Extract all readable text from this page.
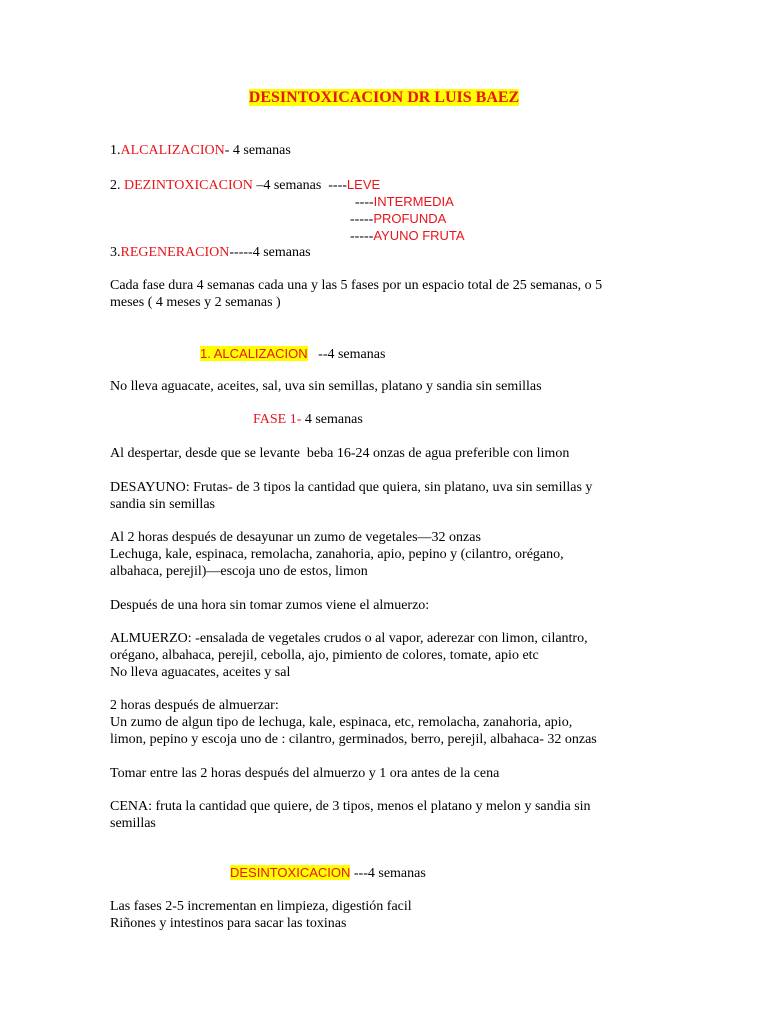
DESINTOXICACION DR LUIS BAEZ
1.ALCALIZACION- 4 semanas
2. DEZINTOXICACION –4 semanas  ----LEVE
----INTERMEDIA
-----PROFUNDA
-----AYUNO FRUTA
3.REGENERACION-----4 semanas
Cada fase dura 4 semanas cada una y las 5 fases por un espacio total de 25 semanas, o 5
meses ( 4 meses y 2 semanas )
1. ALCALIZACION --4 semanas
No lleva aguacate, aceites, sal, uva sin semillas, platano y sandia sin semillas
FASE 1- 4 semanas
Al despertar, desde que se levante  beba 16-24 onzas de agua preferible con limon
DESAYUNO: Frutas- de 3 tipos la cantidad que quiera, sin platano, uva sin semillas y
sandia sin semillas
Al 2 horas después de desayunar un zumo de vegetales—32 onzas
Lechuga, kale, espinaca, remolacha, zanahoria, apio, pepino y (cilantro, orégano,
albahaca, perejil)—escoja uno de estos, limon
Después de una hora sin tomar zumos viene el almuerzo:
ALMUERZO: -ensalada de vegetales crudos o al vapor, aderezar con limon, cilantro,
orégano, albahaca, perejil, cebolla, ajo, pimiento de colores, tomate, apio etc
No lleva aguacates, aceites y sal
2 horas después de almuerzar:
Un zumo de algun tipo de lechuga, kale, espinaca, etc, remolacha, zanahoria, apio,
limon, pepino y escoja uno de : cilantro, germinados, berro, perejil, albahaca- 32 onzas
Tomar entre las 2 horas después del almuerzo y 1 ora antes de la cena
CENA: fruta la cantidad que quiere, de 3 tipos, menos el platano y melon y sandia sin
semillas
DESINTOXICACION ---4 semanas
Las fases 2-5 incrementan en limpieza, digestión facil
Riñones y intestinos para sacar las toxinas
